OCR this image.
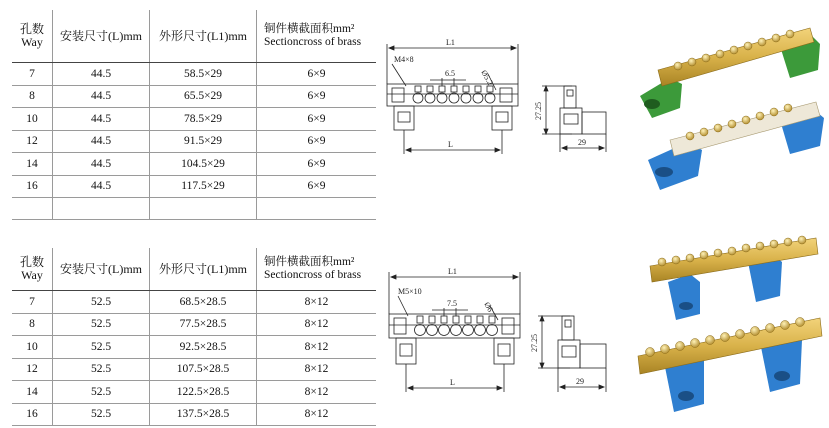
孔数
Way	安装尺寸(L)mm	外形尺寸(L1)mm	铜件横截面积mm²
Sectioncross of brass

7	44.5	58.5×29	6×9
8	44.5	65.5×29	6×9
10	44.5	78.5×29	6×9
12	44.5	91.5×29	6×9
14	44.5	104.5×29	6×9
16	44.5	117.5×29	6×9

孔数
Way	安装尺寸(L)mm	外形尺寸(L1)mm	铜件横截面积mm²
Sectioncross of brass

7	52.5	68.5×28.5	8×12
8	52.5	77.5×28.5	8×12
10	52.5	92.5×28.5	8×12
12	52.5	107.5×28.5	8×12
14	52.5	122.5×28.5	8×12
16	52.5	137.5×28.5	8×12
L1
M4×8
6.5	Ø5.2
L
27.25
29
L1
M5×10
7.5	Ø6
L
27.25
29
